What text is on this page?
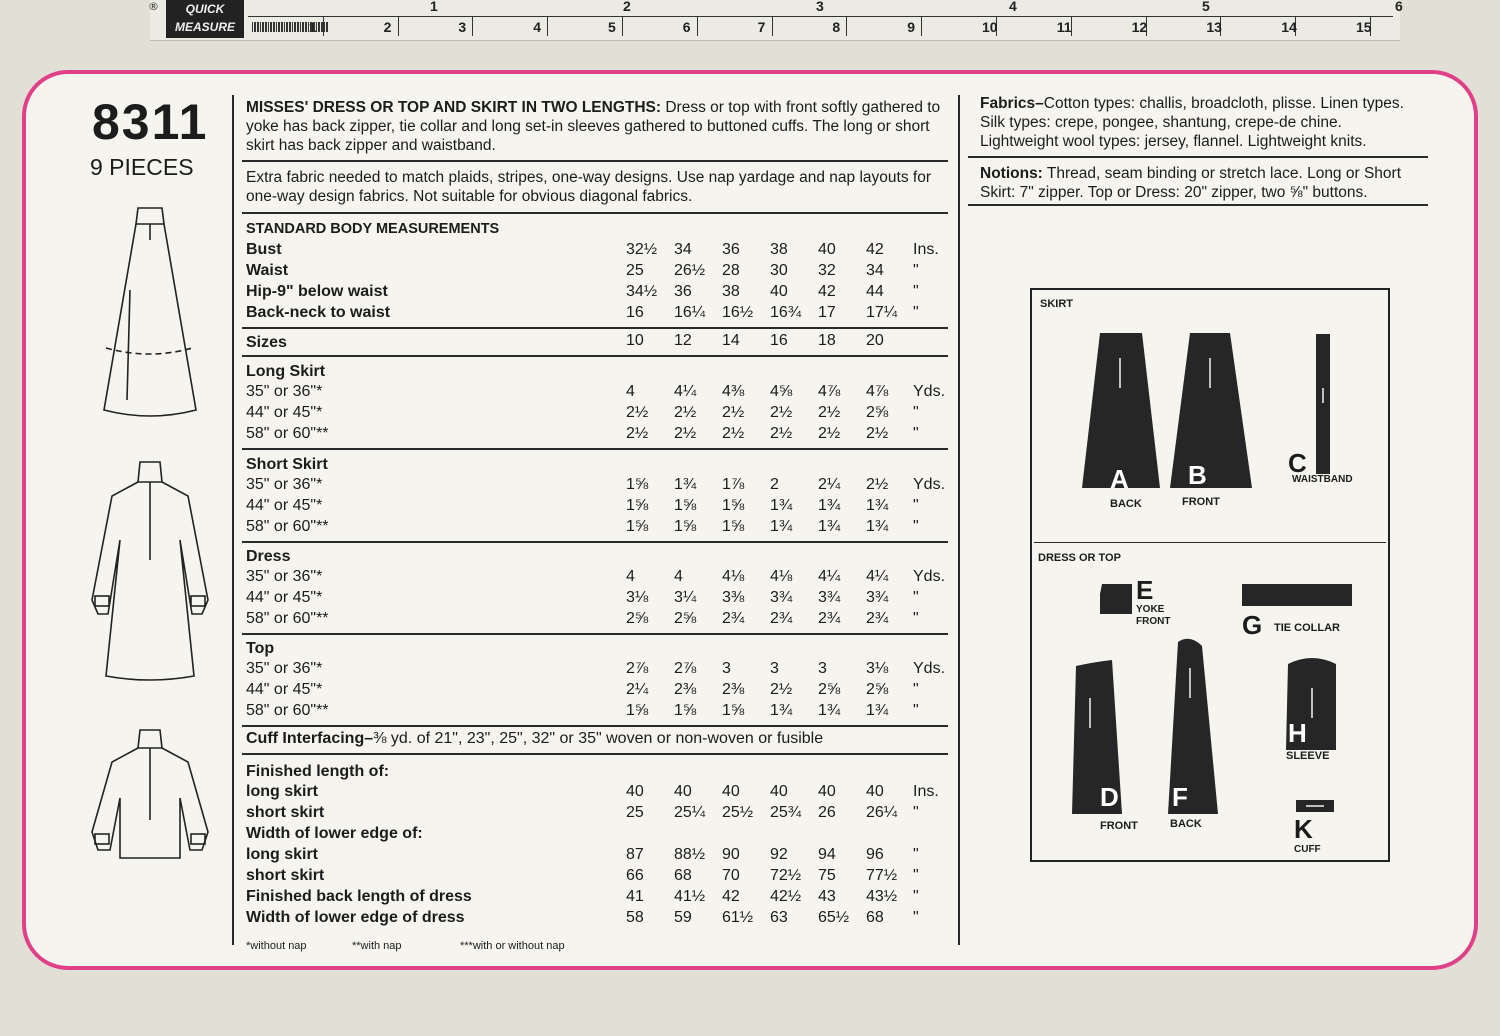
®	QUICK
MEASURE	2	3	4	5	6	7	8	9	10	11	12	13	14	15
1	2	3	4	5	6
8311
9 PIECES
MISSES' DRESS OR TOP AND SKIRT IN TWO LENGTHS: Dress or top with front softly gathered to yoke has back zipper, tie collar and long set-in sleeves gathered to buttoned cuffs. The long or short skirt has back zipper and waistband.
Extra fabric needed to match plaids, stripes, one-way designs. Use nap yardage and nap layouts for one-way design fabrics. Not suitable for obvious diagonal fabrics.
STANDARD BODY MEASUREMENTS
Bust	32½ 34 36 38 40 42 Ins.
Waist	25 26½ 28 30 32 34 "
Hip-9" below waist	34½ 36 38 40 42 44 "
Back-neck to waist	16 16¼ 16½ 16¾ 17 17¼ "
Sizes	10 12 14 16 18 20
Long Skirt
35" or 36"*	4 4¼ 4⅜ 4⅝ 4⅞ 4⅞ Yds.
44" or 45"*	2½ 2½ 2½ 2½ 2½ 2⅝ "
58" or 60"**	2½ 2½ 2½ 2½ 2½ 2½ "
Short Skirt
35" or 36"*	1⅝ 1¾ 1⅞ 2 2¼ 2½ Yds.
44" or 45"*	1⅝ 1⅝ 1⅝ 1¾ 1¾ 1¾ "
58" or 60"**	1⅝ 1⅝ 1⅝ 1¾ 1¾ 1¾ "
Dress
35" or 36"*	4 4 4⅛ 4⅛ 4¼ 4¼ Yds.
44" or 45"*	3⅛ 3¼ 3⅜ 3¾ 3¾ 3¾ "
58" or 60"**	2⅝ 2⅝ 2¾ 2¾ 2¾ 2¾ "
Top
35" or 36"*	2⅞ 2⅞ 3 3 3 3⅛ Yds.
44" or 45"*	2¼ 2⅜ 2⅜ 2½ 2⅝ 2⅝ "
58" or 60"**	1⅝ 1⅝ 1⅝ 1¾ 1¾ 1¾ "
Cuff Interfacing–⅜ yd. of 21", 23", 25", 32" or 35" woven or non-woven or fusible
Finished length of:
long skirt	40 40 40 40 40 40 Ins.
short skirt	25 25¼ 25½ 25¾ 26 26¼ "
Width of lower edge of:
long skirt	87 88½ 90 92 94 96 "
short skirt	66 68 70 72½ 75 77½ "
Finished back length of dress	41 41½ 42 42½ 43 43½ "
Width of lower edge of dress	58 59 61½ 63 65½ 68 "
*without nap	**with nap	***with or without nap
Fabrics–Cotton types: challis, broadcloth, plisse. Linen types. Silk types: crepe, pongee, shantung, crepe-de chine. Lightweight wool types: jersey, flannel. Lightweight knits.
Notions: Thread, seam binding or stretch lace. Long or Short Skirt: 7" zipper. Top or Dress: 20" zipper, two ⅝" buttons.
SKIRT
DRESS OR TOP
A
BACK
B
FRONT
C
WAISTBAND
E
YOKE FRONT	G TIE COLLAR
D
FRONT
F
BACK
H
SLEEVE
K
CUFF
